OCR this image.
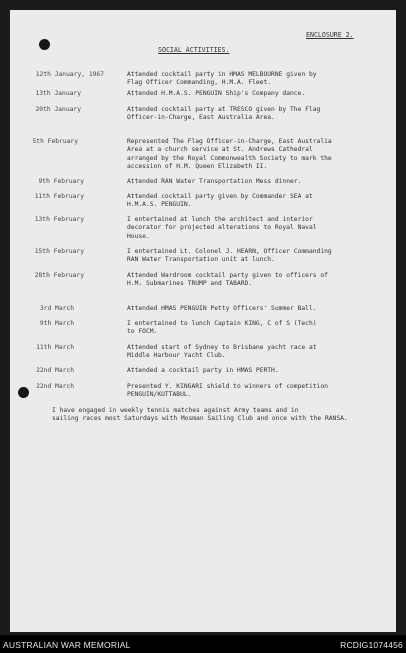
ENCLOSURE 2.
SOCIAL ACTIVITIES.
12th January, 1967	Attended cocktail party in HMAS MELBOURNE given by
Flag Officer Commanding, H.M.A. Fleet.
13th January	Attended H.M.A.S. PENGUIN Ship's Company dance.
20th January	Attended cocktail party at TRESCO given by The Flag
Officer-in-Charge, East Australia Area.
5th February	Represented The Flag Officer-in-Charge, East Australia
Area at a church service at St. Andrews Cathedral
arranged by the Royal Commonwealth Society to mark the
accession of H.M. Queen Elizabeth II.
9th February	Attended RAN Water Transportation Mess dinner.
11th February	Attended cocktail party given by Commander SEA at
H.M.A.S. PENGUIN.
13th February	I entertained at lunch the architect and interior
decorator for projected alterations to Royal Naval
House.
15th February	I entertained Lt. Colonel J. HEARN, Officer Commanding
RAN Water Transportation unit at lunch.
28th February	Attended Wardroom cocktail party given to officers of
H.M. Submarines TRUMP and TABARD.
3rd March	Attended HMAS PENGUIN Petty Officers' Summer Ball.
9th March	I entertained to lunch Captain KING, C of S (Tech)
to FOCM.
11th March	Attended start of Sydney to Brisbane yacht race at
Middle Harbour Yacht Club.
22nd March	Attended a cocktail party in HMAS PERTH.
22nd March	Presented Y. KINGARI shield to winners of competition
PENGUIN/KUTTABUL.
I have engaged in weekly tennis matches against Army teams and in
sailing races most Saturdays with Mosman Sailing Club and once with the RANSA.
AUSTRALIAN WAR MEMORIAL	RCDIG1074456
